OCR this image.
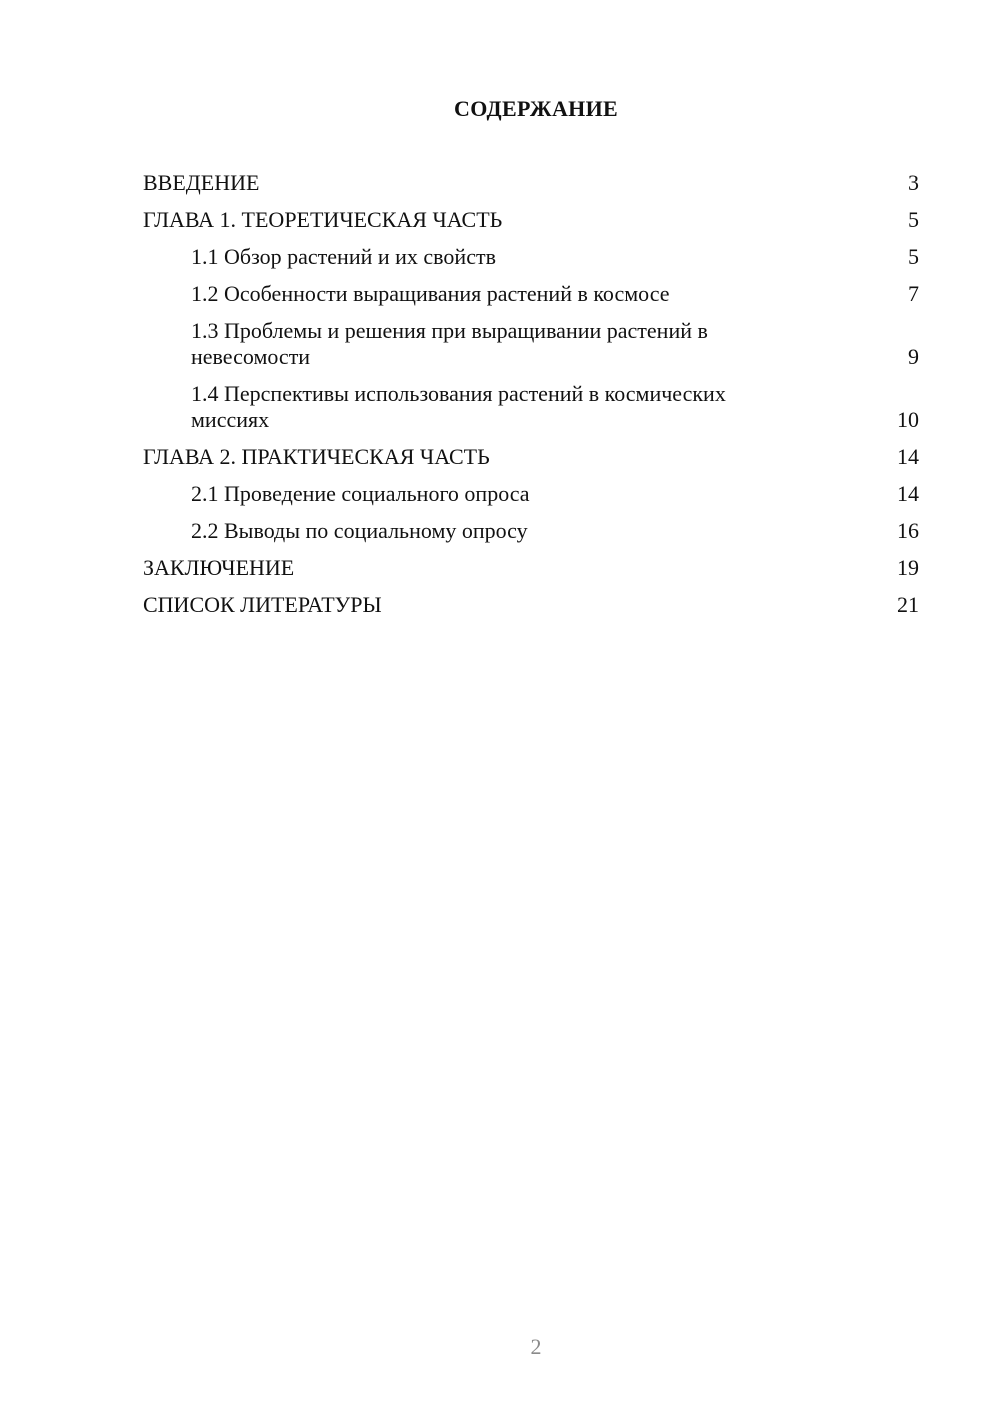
СОДЕРЖАНИЕ
ВВЕДЕНИЕ	3
ГЛАВА 1. ТЕОРЕТИЧЕСКАЯ ЧАСТЬ	5
1.1 Обзор растений и их свойств	5
1.2 Особенности выращивания растений в космосе	7
1.3 Проблемы и решения при выращивании растений в невесомости	9
1.4 Перспективы использования растений в космических миссиях	10
ГЛАВА 2. ПРАКТИЧЕСКАЯ ЧАСТЬ	14
2.1 Проведение социального опроса	14
2.2 Выводы по социальному опросу	16
ЗАКЛЮЧЕНИЕ	19
СПИСОК ЛИТЕРАТУРЫ	21
2
